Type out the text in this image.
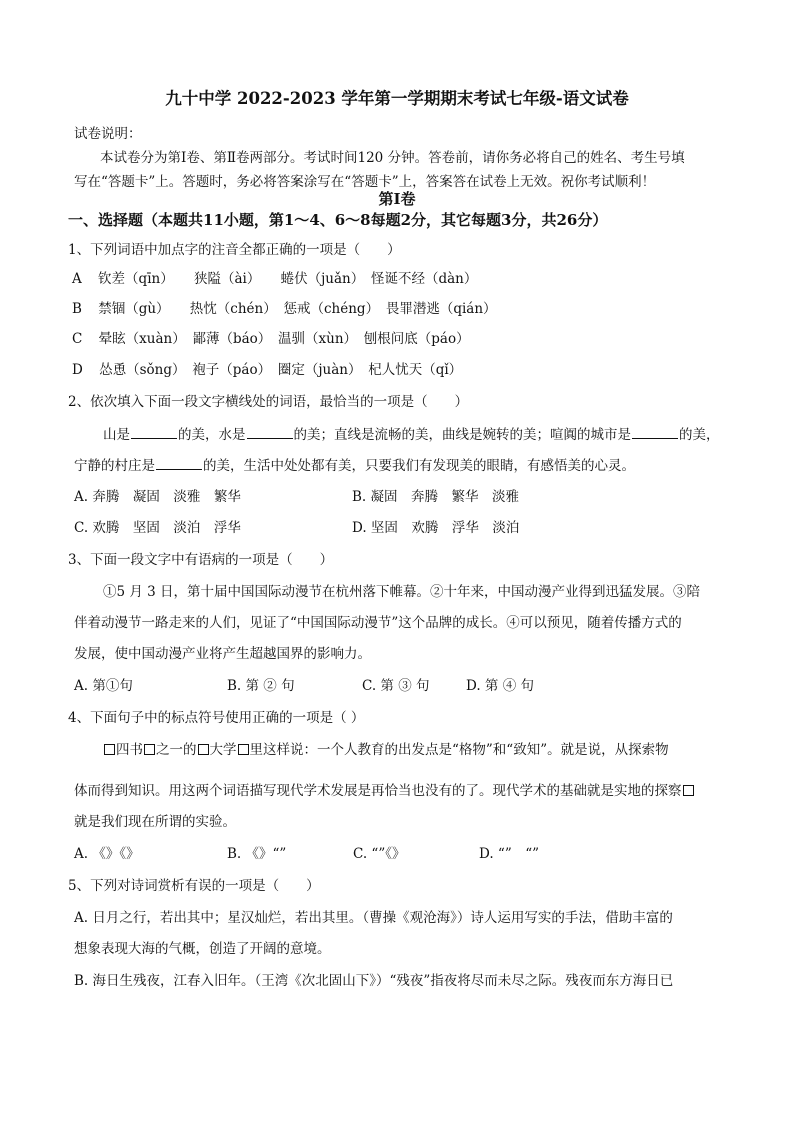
九十中学 2022-2023 学年第一学期期末考试七年级-语文试卷
试卷说明：
本试卷分为第Ⅰ卷、第Ⅱ卷两部分。考试时间120 分钟。答卷前，请你务必将自己的姓名、考生号填
写在“答题卡”上。答题时，务必将答案涂写在“答题卡”上，答案答在试卷上无效。祝你考试顺利！
第Ⅰ卷
一、选择题（本题共11小题，第1～4、6～8每题2分，其它每题3分，共26分）
1、下列词语中加点字的注音全都正确的一项是（　　）
A 钦差（qīn）　　狭隘（ài）　　蜷伏（juǎn）　怪诞不经（dàn）
B 禁锢（gù）　　热忱（chén）　惩戒（chéng）　畏罪潜逃（qián）
C 晕眩（xuàn）　鄙薄（báo）　温驯（xùn）　刨根问底（páo）
D 怂恿（sǒng）　袍子（páo）　圈定（juàn）　杞人忧天（qǐ）
2、依次填入下面一段文字横线处的词语，最恰当的一项是（　　）
山是	的美，水是	的美；直线是流畅的美，曲线是婉转的美；喧阗的城市是	的美，
宁静的村庄是	的美，生活中处处都有美，只要我们有发现美的眼睛，有感悟美的心灵。
A. 奔腾　凝固　淡雅　繁华	B. 凝固　奔腾　繁华　淡雅
C. 欢腾　坚固　淡泊　浮华	D. 坚固　欢腾　浮华　淡泊
3、下面一段文字中有语病的一项是（　　）
①5 月 3 日，第十届中国国际动漫节在杭州落下帷幕。②十年来，中国动漫产业得到迅猛发展。③陪
伴着动漫节一路走来的人们，见证了“中国国际动漫节”这个品牌的成长。④可以预见，随着传播方式的
发展，使中国动漫产业将产生超越国界的影响力。
A. 第①句	B. 第 ② 句	C. 第 ③ 句	D. 第 ④ 句
4、下面句子中的标点符号使用正确的一项是（ ）
四书 之一的 大学 里这样说：一个人教育的出发点是“格物”和“致知”。就是说，从探索物
体而得到知识。用这两个词语描写现代学术发展是再恰当也没有的了。现代学术的基础就是实地的探察
就是我们现在所谓的实验。
A. 《》《》	B. 《》“”	C. “”《》	D. “”　“”
5、下列对诗词赏析有误的一项是（　　）
A. 日月之行，若出其中；星汉灿烂，若出其里。（曹操《观沧海》）诗人运用写实的手法，借助丰富的
想象表现大海的气概，创造了开阔的意境。
B. 海日生残夜，江春入旧年。（王湾《次北固山下》）“残夜”指夜将尽而未尽之际。残夜而东方海日已
